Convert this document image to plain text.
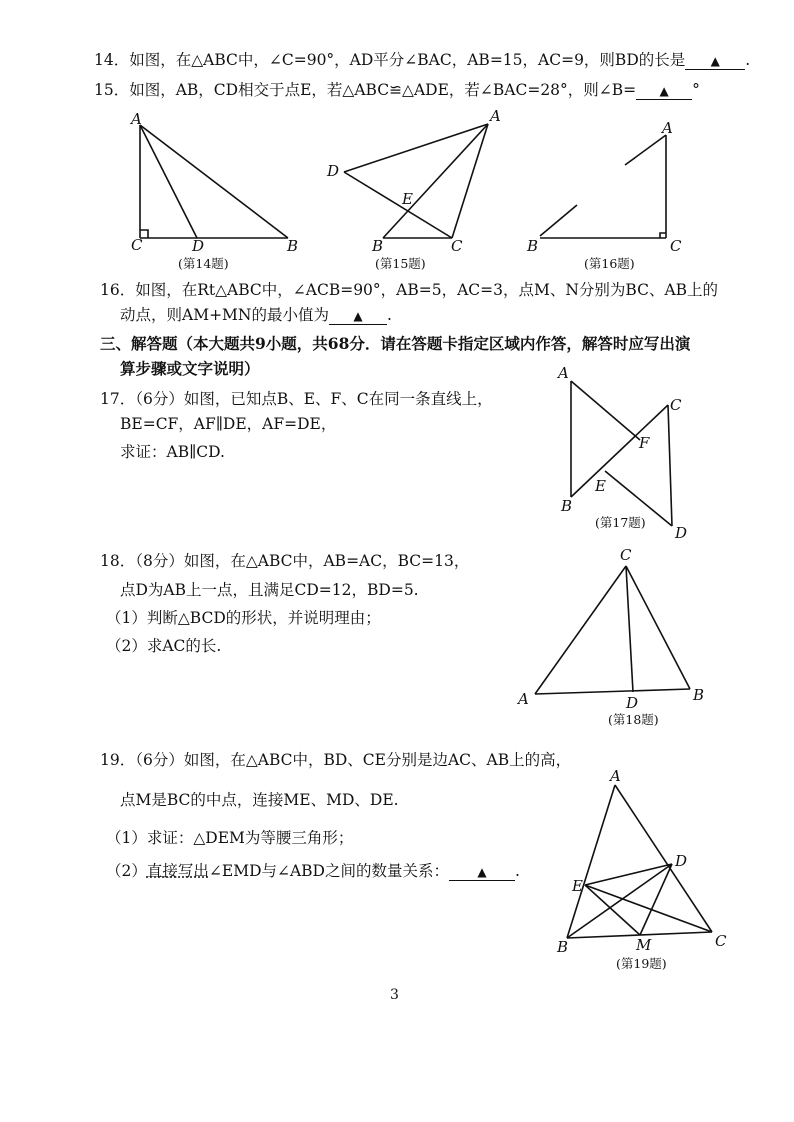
14．如图，在△ABC中，∠C=90°，AD平分∠BAC，AB=15，AC=9，则BD的长是 ▲ .
15．如图，AB，CD相交于点E，若△ABC≌△ADE，若∠BAC=28°，则∠B= ▲ °
A
C	D	B
(第14题)
A
D
E
B	C
(第15题)
A
B	C
(第16题)
16．如图，在Rt△ABC中，∠ACB=90°，AB=5，AC=3，点M、N分别为BC、AB上的
动点，则AM+MN的最小值为 ▲ .
三、解答题（本大题共9小题，共68分．请在答题卡指定区域内作答，解答时应写出演
算步骤或文字说明）
17．（6分）如图，已知点B、E、F、C在同一条直线上，
BE=CF，AF∥DE，AF=DE，
求证：AB∥CD.
A
C
F
E
B
D
(第17题)
18．（8分）如图，在△ABC中，AB=AC，BC=13，
点D为AB上一点，且满足CD=12，BD=5.
（1）判断△BCD的形状，并说明理由；
（2）求AC的长.
C
A	D	B
(第18题)
19．（6分）如图，在△ABC中，BD、CE分别是边AC、AB上的高，
点M是BC的中点，连接ME、MD、DE.
（1）求证：△DEM为等腰三角形；
（2）直接写出∠EMD与∠ABD之间的数量关系： ▲ .
A
D
E
B	M	C
(第19题)
3
